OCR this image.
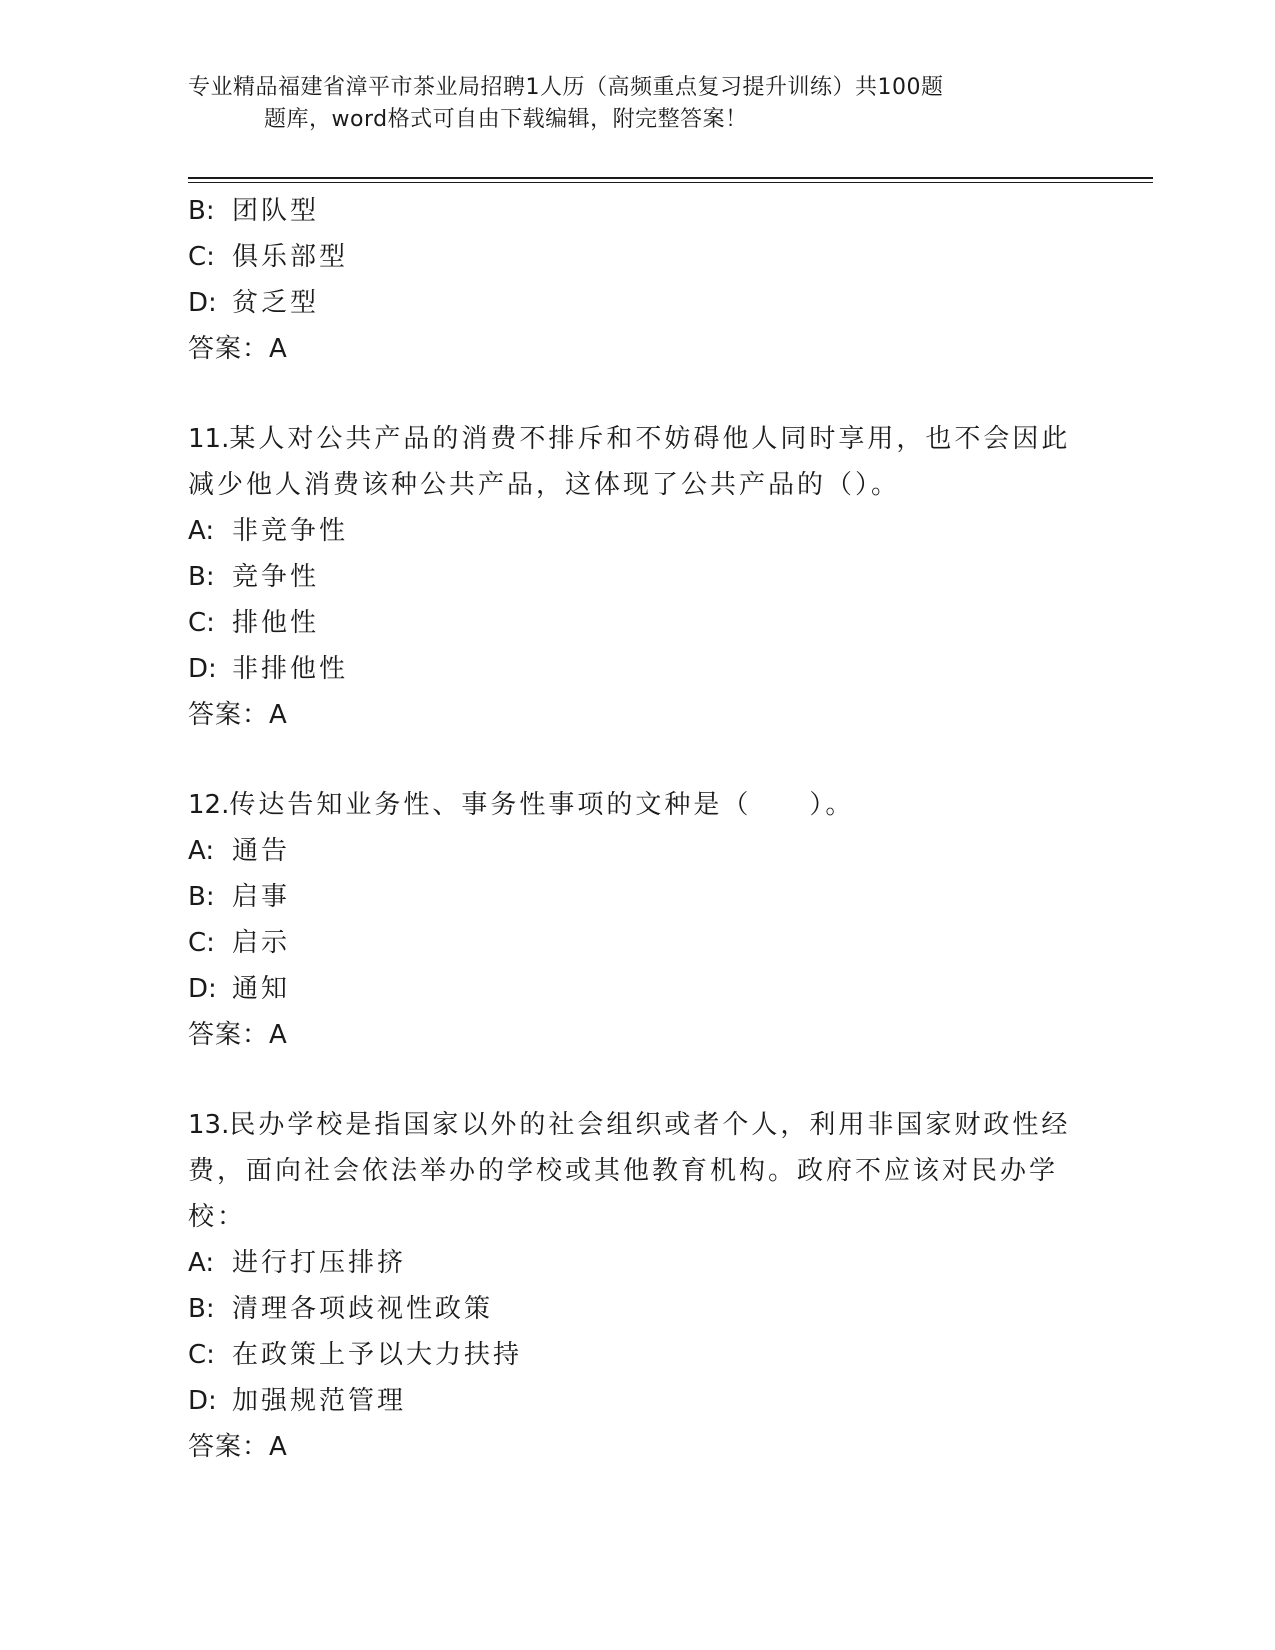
专业精品福建省漳平市茶业局招聘1人历（高频重点复习提升训练）共100题
题库，word格式可自由下载编辑，附完整答案！
B: 团队型
C: 俱乐部型
D: 贫乏型
答案：A
11.某人对公共产品的消费不排斥和不妨碍他人同时享用，也不会因此
减少他人消费该种公共产品，这体现了公共产品的（）。
A: 非竞争性
B: 竞争性
C: 排他性
D: 非排他性
答案：A
12.传达告知业务性、事务性事项的文种是（　　）。
A: 通告
B: 启事
C: 启示
D: 通知
答案：A
13.民办学校是指国家以外的社会组织或者个人，利用非国家财政性经
费，面向社会依法举办的学校或其他教育机构。政府不应该对民办学
校：
A: 进行打压排挤
B: 清理各项歧视性政策
C: 在政策上予以大力扶持
D: 加强规范管理
答案：A
